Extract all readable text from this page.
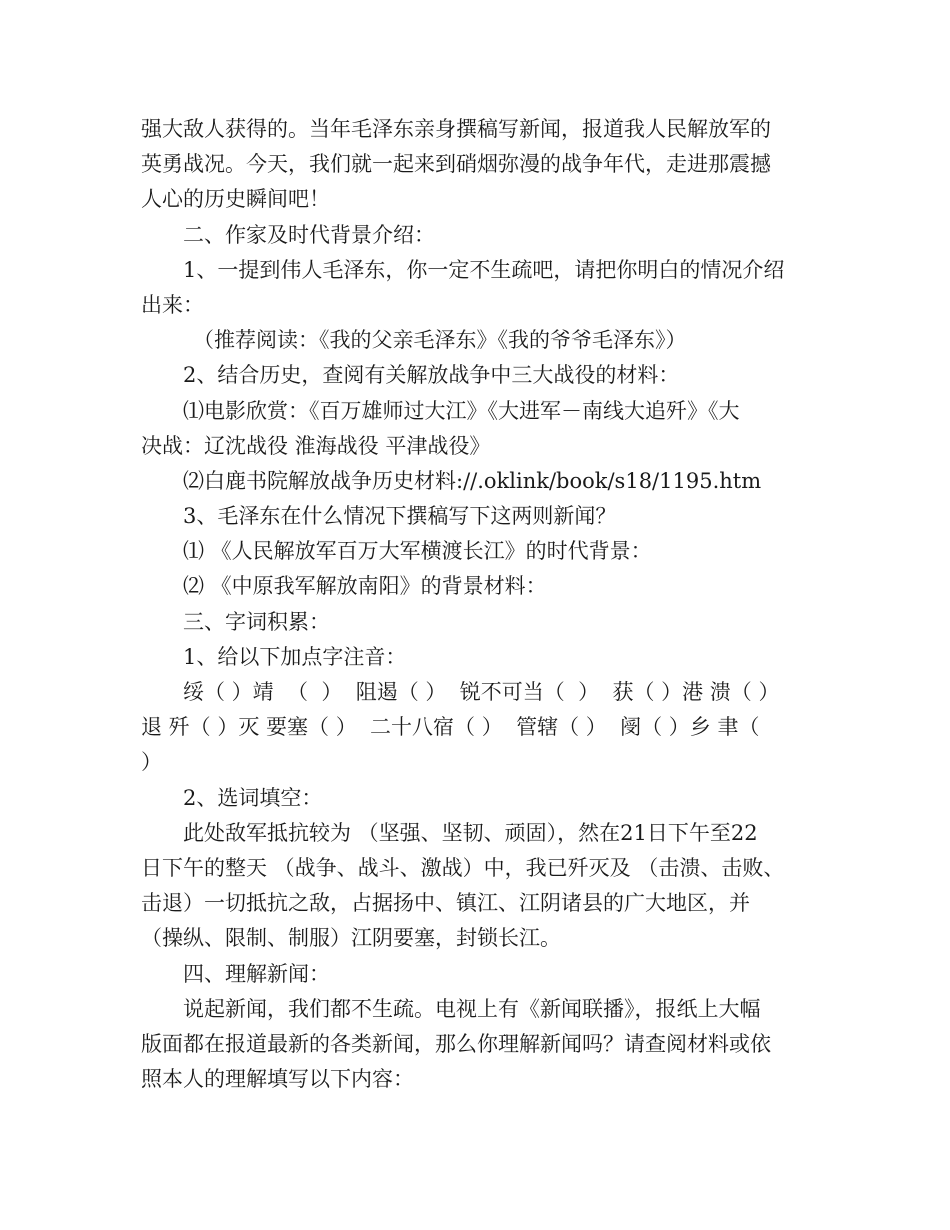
强大敌人获得的。当年毛泽东亲身撰稿写新闻，报道我人民解放军的
英勇战况。今天，我们就一起来到硝烟弥漫的战争年代，走进那震撼
人心的历史瞬间吧！
二、作家及时代背景介绍：
1、一提到伟人毛泽东，你一定不生疏吧，请把你明白的情况介绍
出来：
（推荐阅读：《我的父亲毛泽东》《我的爷爷毛泽东》）
2、结合历史，查阅有关解放战争中三大战役的材料：
⑴电影欣赏：《百万雄师过大江》《大进军－南线大追歼》《大
决战：辽沈战役 淮海战役 平津战役》
⑵白鹿书院解放战争历史材料://.oklink/book/s18/1195.htm
3、毛泽东在什么情况下撰稿写下这两则新闻？
⑴ 《人民解放军百万大军横渡长江》的时代背景：
⑵ 《中原我军解放南阳》的背景材料：
三、字词积累：
1、给以下加点字注音：
绥（ ）靖  （  ）  阻遏（ ）  锐不可当（  ）  获（ ）港 溃（ ）
退 歼（ ）灭 要塞（ ）  二十八宿（ ）  管辖（ ）  阌（ ）乡 聿（
）
2、选词填空：
此处敌军抵抗较为 （坚强、坚韧、顽固），然在21日下午至22
日下午的整天 （战争、战斗、激战）中，我已歼灭及 （击溃、击败、
击退）一切抵抗之敌，占据扬中、镇江、江阴诸县的广大地区，并
（操纵、限制、制服）江阴要塞，封锁长江。
四、理解新闻：
说起新闻，我们都不生疏。电视上有《新闻联播》，报纸上大幅
版面都在报道最新的各类新闻，那么你理解新闻吗？请查阅材料或依
照本人的理解填写以下内容：
